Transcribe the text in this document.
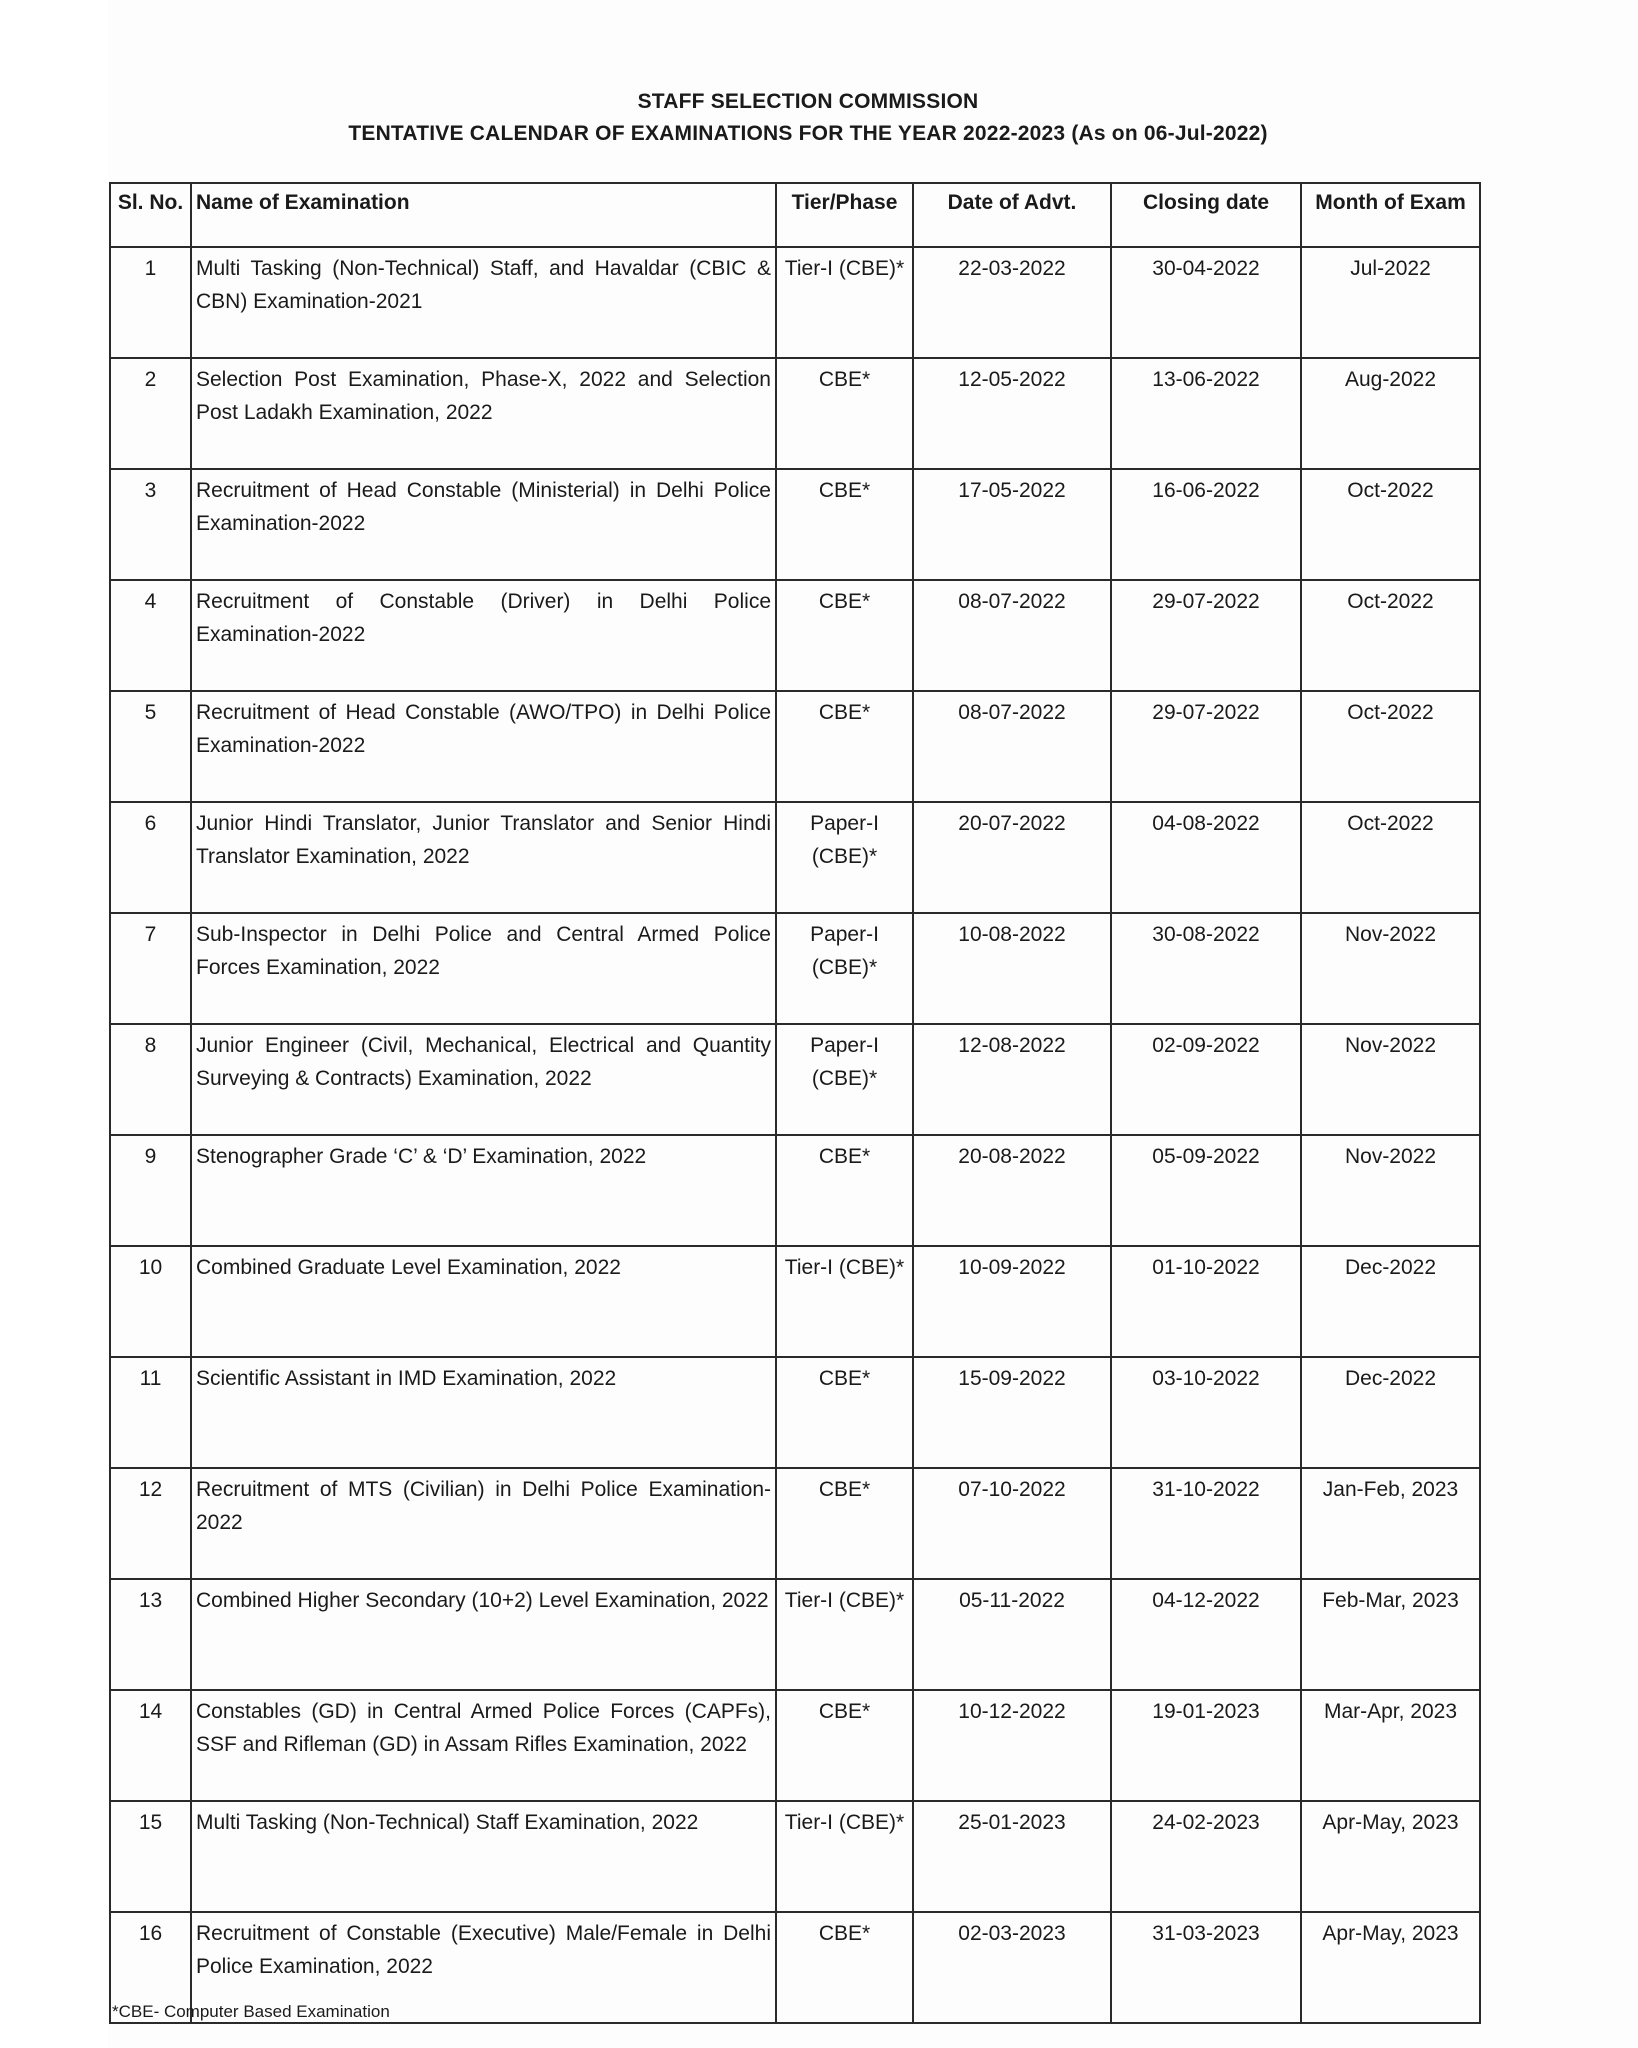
STAFF SELECTION COMMISSION
TENTATIVE CALENDAR OF EXAMINATIONS FOR THE YEAR 2022-2023 (As on 06-Jul-2022)
Sl. No.	Name of Examination	Tier/Phase	Date of Advt.	Closing date	Month of Exam
1	Multi Tasking (Non-Technical) Staff, and Havaldar (CBIC & CBN) Examination-2021	Tier-I (CBE)*	22-03-2022	30-04-2022	Jul-2022
2	Selection Post Examination, Phase-X, 2022 and Selection Post Ladakh Examination, 2022	CBE*	12-05-2022	13-06-2022	Aug-2022
3	Recruitment of Head Constable (Ministerial) in Delhi Police Examination-2022	CBE*	17-05-2022	16-06-2022	Oct-2022
4	Recruitment of Constable (Driver) in Delhi Police Examination-2022	CBE*	08-07-2022	29-07-2022	Oct-2022
5	Recruitment of Head Constable (AWO/TPO) in Delhi Police Examination-2022	CBE*	08-07-2022	29-07-2022	Oct-2022
6	Junior Hindi Translator, Junior Translator and Senior Hindi Translator Examination, 2022	Paper-I (CBE)*	20-07-2022	04-08-2022	Oct-2022
7	Sub-Inspector in Delhi Police and Central Armed Police Forces Examination, 2022	Paper-I (CBE)*	10-08-2022	30-08-2022	Nov-2022
8	Junior Engineer (Civil, Mechanical, Electrical and Quantity Surveying & Contracts) Examination, 2022	Paper-I (CBE)*	12-08-2022	02-09-2022	Nov-2022
9	Stenographer Grade ‘C’ & ‘D’ Examination, 2022	CBE*	20-08-2022	05-09-2022	Nov-2022
10	Combined Graduate Level Examination, 2022	Tier-I (CBE)*	10-09-2022	01-10-2022	Dec-2022
11	Scientific Assistant in IMD Examination, 2022	CBE*	15-09-2022	03-10-2022	Dec-2022
12	Recruitment of MTS (Civilian) in Delhi Police Examination- 2022	CBE*	07-10-2022	31-10-2022	Jan-Feb, 2023
13	Combined Higher Secondary (10+2) Level Examination, 2022	Tier-I (CBE)*	05-11-2022	04-12-2022	Feb-Mar, 2023
14	Constables (GD) in Central Armed Police Forces (CAPFs), SSF and Rifleman (GD) in Assam Rifles Examination, 2022	CBE*	10-12-2022	19-01-2023	Mar-Apr, 2023
15	Multi Tasking (Non-Technical) Staff Examination, 2022	Tier-I (CBE)*	25-01-2023	24-02-2023	Apr-May, 2023
16	Recruitment of Constable (Executive) Male/Female in Delhi Police Examination, 2022	CBE*	02-03-2023	31-03-2023	Apr-May, 2023
*CBE- Computer Based Examination
